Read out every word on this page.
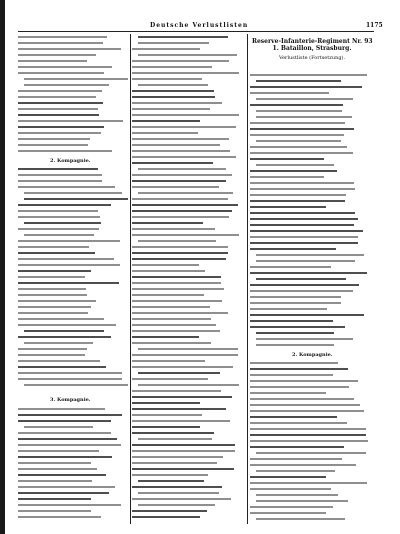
Deutsche Verlustlisten	1175
Reserve-Infanterie-Regiment Nr. 93
1. Bataillon, Strasburg.
Verlustliste (Fortsetzung).
2. Kompagnie.
3. Kompagnie.
2. Kompagnie.
